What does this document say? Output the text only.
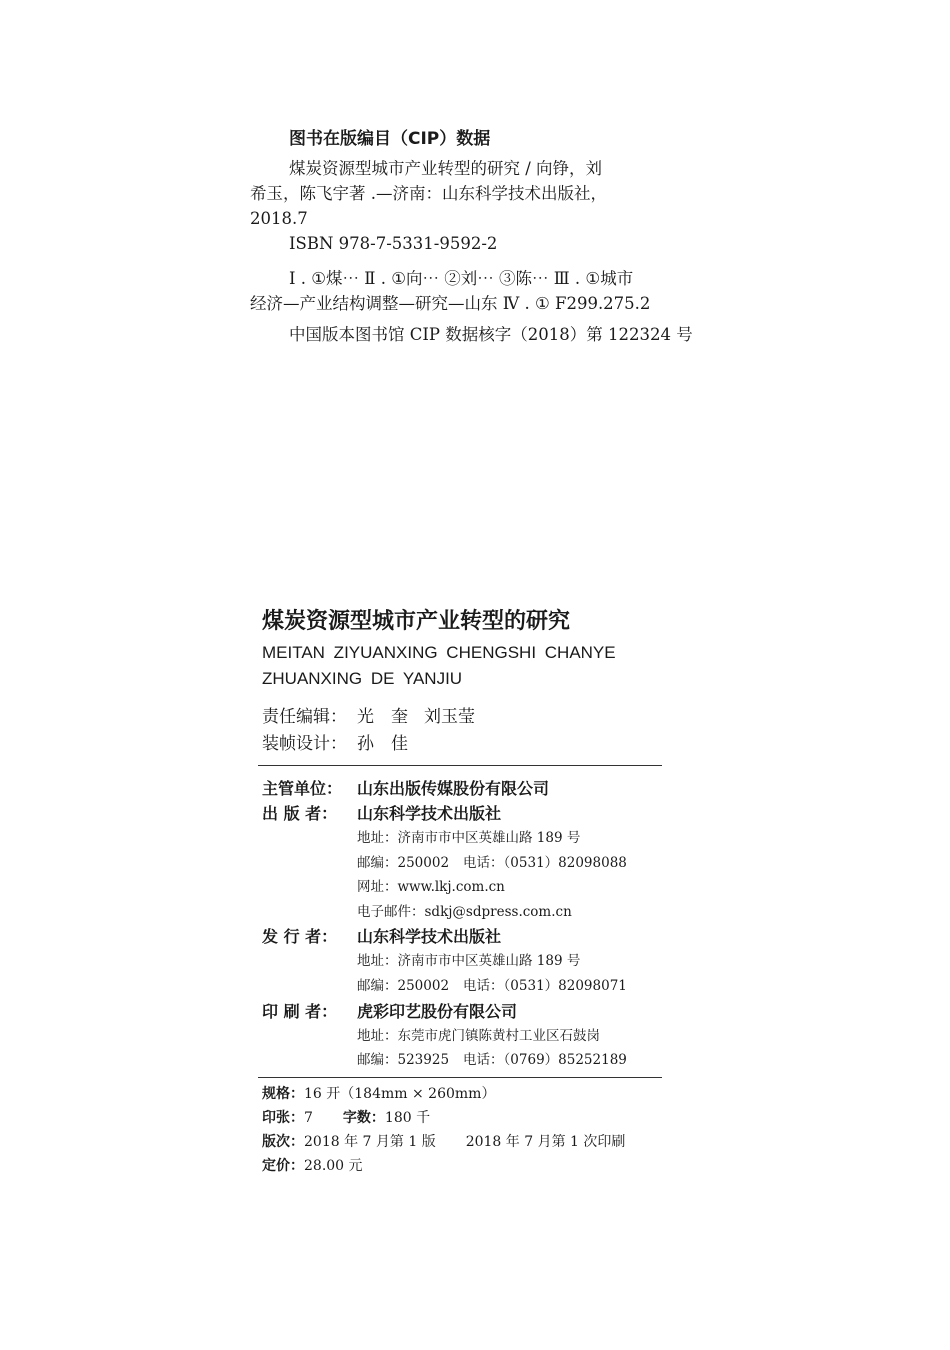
图书在版编目（CIP）数据

煤炭资源型城市产业转型的研究 / 向铮，刘

希玉，陈飞宇著 .—济南：山东科学技术出版社，

2018.7

ISBN 978-7-5331-9592-2

Ⅰ . ①煤⋯ Ⅱ . ①向⋯ ②刘⋯ ③陈⋯ Ⅲ . ①城市

经济—产业结构调整—研究—山东 Ⅳ . ① F299.275.2

中国版本图书馆 CIP 数据核字（2018）第 122324 号

煤炭资源型城市产业转型的研究
MEITAN ZIYUANXING CHENGSHI CHANYE
ZHUANXING DE YANJIU
责任编辑： 光　奎 刘玉莹
装帧设计： 孙　佳
主管单位： 山东出版传媒股份有限公司
出 版 者： 山东科学技术出版社
地址：济南市市中区英雄山路 189 号
邮编：250002 电话：（0531）82098088
网址：www.lkj.com.cn
电子邮件：sdkj@sdpress.com.cn
发 行 者： 山东科学技术出版社
地址：济南市市中区英雄山路 189 号
邮编：250002 电话：（0531）82098071
印 刷 者： 虎彩印艺股份有限公司
地址：东莞市虎门镇陈黄村工业区石鼓岗
邮编：523925 电话：（0769）85252189
规格：16 开（184mm × 260mm）
印张：7 字数：180 千
版次：2018 年 7 月第 1 版 2018 年 7 月第 1 次印刷
定价：28.00 元
